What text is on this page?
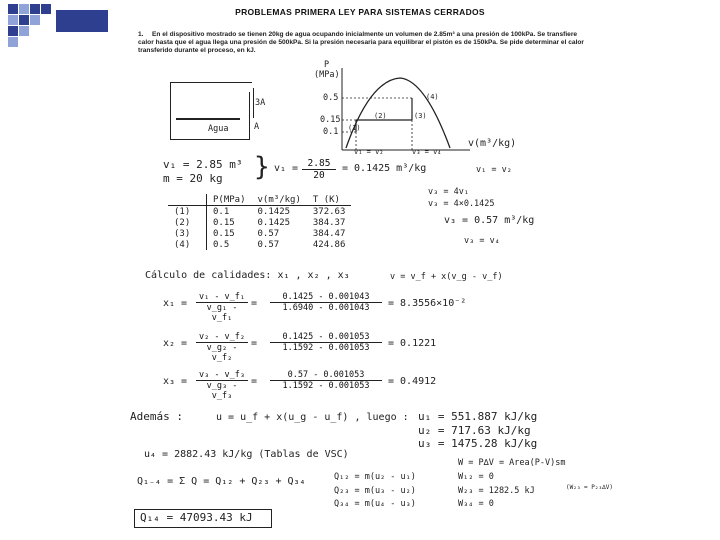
PROBLEMAS PRIMERA LEY PARA SISTEMAS CERRADOS
1. En el dispositivo mostrado se tienen 20kg de agua ocupando inicialmente un volumen de 2.85m³ a una presión de 100kPa. Se transfiere calor hasta que el agua llega una presión de 500kPa. Si la presión necesaria para equilibrar el pistón es de 150kPa. Se pide determinar el calor transferido durante el proceso, en kJ.
3A
Agua	A
P
(MPa)
0.5
0.15
0.1
v(m³/kg)
v₁ = v₂	v₃ = v₄
(1)
(2)	(3)
(4)
v₁ = 2.85 m³
m = 20 kg } $v_1 = \frac{2.85}{20} = 0.1425$ m³/kg	v₁ = v₂
v₃ = 4v₁
v₃ = 4×0.1425
v₃ = 0.57 m³/kg
v₃ = v₄
	P(MPa)	v(m³/kg)	T (K)
(1)	0.1	0.1425	372.63
(2)	0.15	0.1425	384.37
(3)	0.15	0.57	384.47
(4)	0.5	0.57	424.86
Cálculo de calidades: x₁ , x₂ , x₃	v = v_f + x(v_g - v_f)
$x_1 = \frac{\text{v₁ - v\_f₁}}{\text{v\_g₁ - v\_f₁}} = \frac{0.1425 - 0.001043}{1.6940 - 0.001043} = 8.3556\times 10^{-2}$
$x_2 = \frac{\text{v₂ - v\_f₂}}{\text{v\_g₂ - v\_f₂}} = \frac{0.1425 - 0.001053}{1.1592 - 0.001053} = 0.1221$
$x_3 = \frac{\text{v₃ - v\_f₃}}{\text{v\_g₃ - v\_f₃}} = \frac{0.57 - 0.001053}{1.1592 - 0.001053} = 0.4912$
Además :	u = u_f + x(u_g - u_f) , luego : u₁ = 551.887 kJ/kg
u₂ = 717.63 kJ/kg
u₃ = 1475.28 kJ/kg
u₄ = 2882.43 kJ/kg (Tablas de VSC)
W = P∆V = Area(P-V)sm
Q₁₋₄ = Σ Q = Q₁₂ + Q₂₃ + Q₃₄	Q₁₂ = m(u₂ - u₁)
Q₂₃ = m(u₃ - u₂)
Q₃₄ = m(u₄ - u₃)
W₁₂ = 0
W₂₃ = 1282.5 kJ	(W₂₃ = P₂₃∆V)
W₃₄ = 0
Q₁₄ = 47093.43 kJ
